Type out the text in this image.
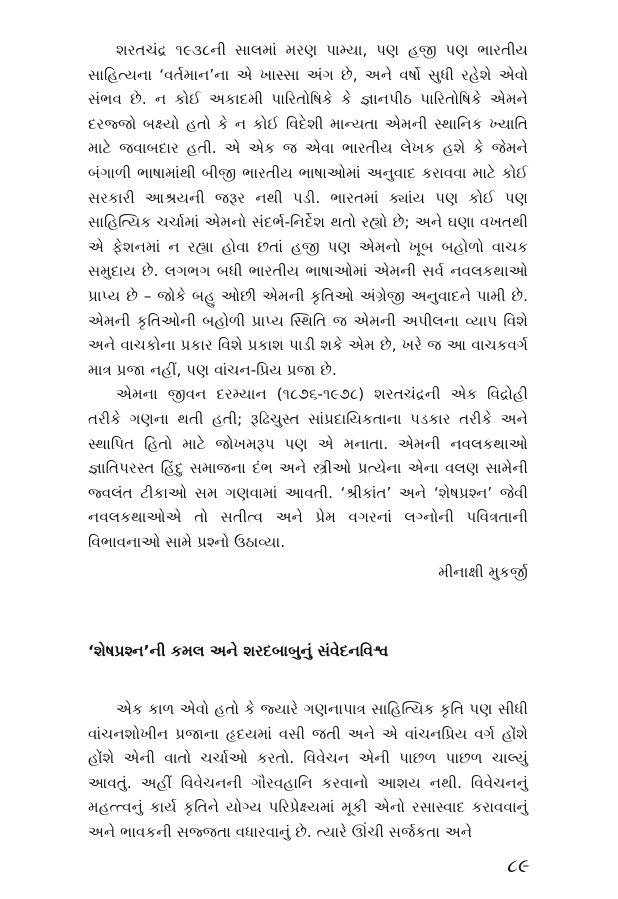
શરતચંદ્ર ૧૯૩૮ની સાલમાં મરણ પામ્યા, પણ હજી પણ ભારતીય સાહિત્યના ‘વર્તમાન’ના એ ખાસ્સા અંગ છે, અને વર્ષો સુધી રહેશે એવો સંભવ છે. ન કોઈ અકાદમી પારિતોષિકે કે જ્ઞાનપીઠ પારિતોષિકે એમને દરજ્જો બક્ષ્યો હતો કે ન કોઈ વિદેશી માન્યતા એમની સ્થાનિક ખ્યાતિ માટે જવાબદાર હતી. એ એક જ એવા ભારતીય લેખક હશે કે જેમને બંગાળી ભાષામાંથી બીજી ભારતીય ભાષાઓમાં અનુવાદ કરાવવા માટે કોઈ સરકારી આશ્રયની જરૂર નથી પડી. ભારતમાં ક્યાંય પણ કોઈ પણ સાહિત્યિક ચર્ચામાં એમનો સંદર્ભ-નિર્દેશ થતો રહ્યો છે; અને ઘણા વખતથી એ ફેશનમાં ન રહ્યા હોવા છતાં હજી પણ એમનો ખૂબ બહોળો વાચક સમુદાય છે. લગભગ બધી ભારતીય ભાષાઓમાં એમની સર્વ નવલકથાઓ પ્રાપ્ય છે – જોકે બહુ ઓછી એમની કૃતિઓ અંગ્રેજી અનુવાદને પામી છે. એમની કૃતિઓની બહોળી પ્રાપ્ય સ્થિતિ જ એમની અપીલના વ્યાપ વિશે અને વાચકોના પ્રકાર વિશે પ્રકાશ પાડી શકે એમ છે, ખરે જ આ વાચકવર્ગ માત્ર પ્રજા નહીં, પણ વાંચન-પ્રિય પ્રજા છે.

એમના જીવન દરમ્યાન (૧૮૭૬-૧૯૭૮) શરતચંદ્રની એક વિદ્રોહી તરીકે ગણના થતી હતી; રૂઢિચુસ્ત સાંપ્રદાયિકતાના પડકાર તરીકે અને સ્થાપિત હિતો માટે જોખમરૂપ પણ એ મનાતા. એમની નવલકથાઓ જ્ઞાતિપરસ્ત હિંદુ સમાજના દંભ અને સ્ત્રીઓ પ્રત્યેના એના વલણ સામેની જ્વલંત ટીકાઓ સમ ગણવામાં આવતી. ‘શ્રીકાંત’ અને ‘શેષપ્રશ્ન’ જેવી નવલકથાઓએ તો સતીત્વ અને પ્રેમ વગરનાં લગ્નોની પવિત્રતાની વિભાવનાઓ સામે પ્રશ્નો ઉઠાવ્યા.

મીનાક્ષી મુકર્જી

‘શેષપ્રશ્ન’ની કમલ અને શરદબાબુનું સંવેદનવિશ્વ

એક કાળ એવો હતો કે જ્યારે ગણનાપાત્ર સાહિત્યિક કૃતિ પણ સીધી વાંચનશોખીન પ્રજાના હૃદયમાં વસી જતી અને એ વાંચનપ્રિય વર્ગ હોંશે હોંશે એની વાતો ચર્ચાઓ કરતો. વિવેચન એની પાછળ પાછળ ચાલ્યું આવતું. અહીં વિવેચનની ગૌરવહાનિ કરવાનો આશય નથી. વિવેચનનું મહત્ત્વનું કાર્ય કૃતિને યોગ્ય પરિપ્રેક્ષ્યમાં મૂકી એનો રસાસ્વાદ કરાવવાનું અને ભાવકની સજ્જતા વધારવાનું છે. ત્યારે ઊંચી સર્જકતા અને

૮૯
